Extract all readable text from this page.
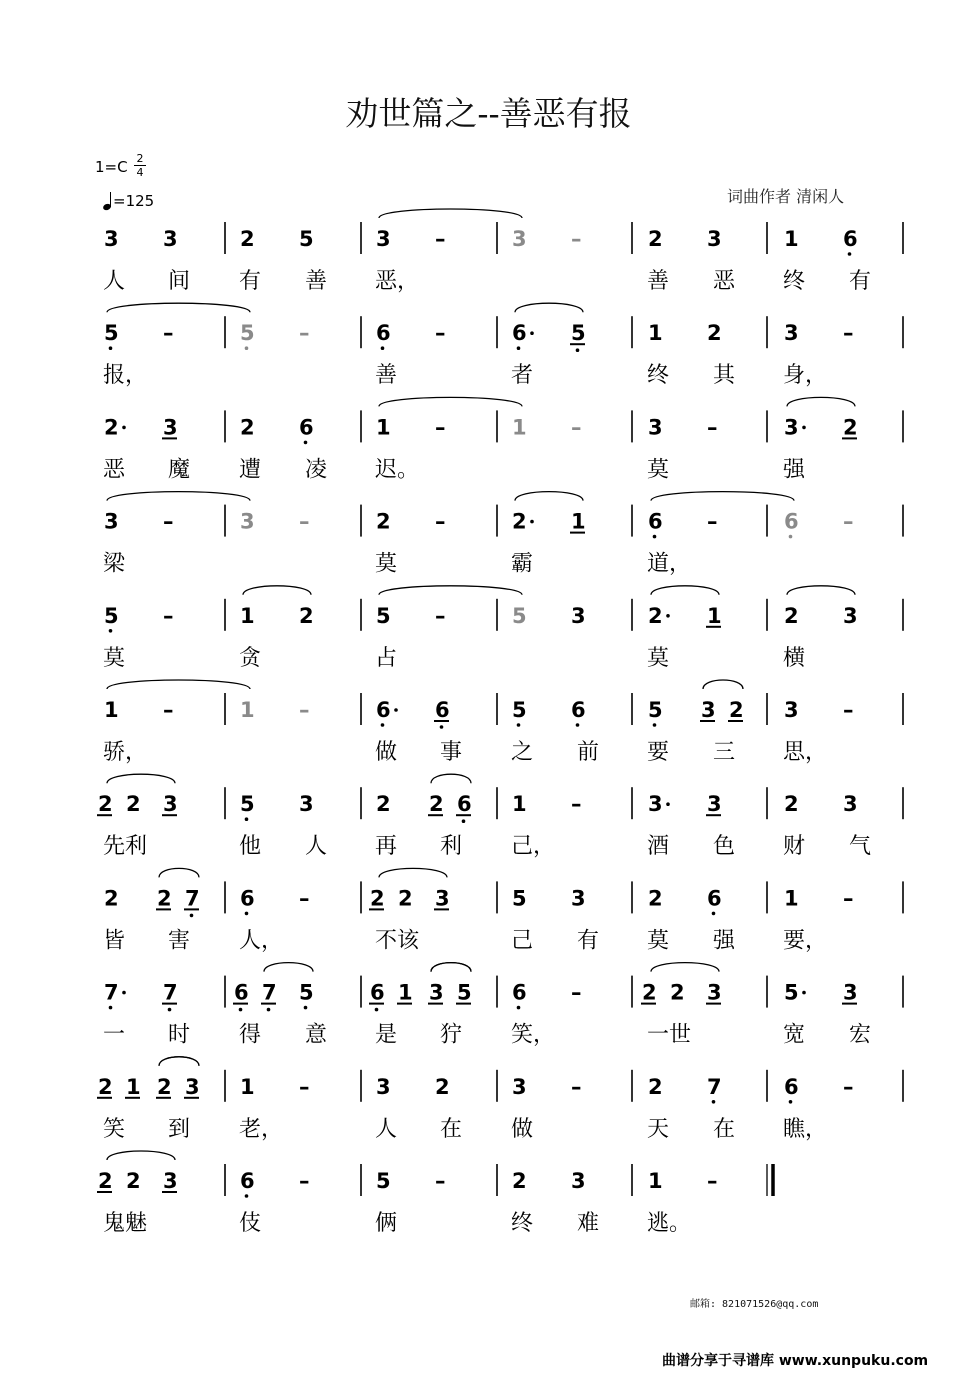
劝世篇之--善恶有报
1=C 2
4
=125	词曲作者 清闲人
3 3	2 5	3 –	3 –	2 3	1 6
人 间 有 善 恶，	善 恶 终 有
5 –	5 –	6 –	6 5	1 2	3 –
报，	善	者	终 其 身，
2 3	2 6	1 –	1 –	3 –	3 2
恶 魔 遭 凌 迟。	莫	强
3 –	3 –	2 –	2 1	6 –	6 –
梁	莫	霸	道，
5 –	1 2	5 –	5 3	2 1	2 3
莫	贪	占	莫	横
1 –	1 –	6 6	5 6	5 3 2 3 –
骄，	做 事 之 前 要 三 思，
2 2 3	5 3	2 2 6 1 –	3 3	2 3
先利	他 人 再 利 己，	酒 色 财 气
2 2 7 6 –	2 2 3	5 3	2 6	1 –
皆 害 人，	不该	己 有 莫 强 要，
7 7	6 7 5	6 1 3 5 6 –	2 2 3	5 3
一 时 得 意 是 狞 笑，	一世	宽 宏
2 1 2 3 1 –	3 2	3 –	2 7	6 –
笑 到 老，	人 在 做	天 在 瞧，
2 2 3	6 –	5 –	2 3	1 –
鬼魅	伎	俩	终 难 逃。
邮箱: 821071526@qq.com
曲谱分享于寻谱库 www.xunpuku.com
